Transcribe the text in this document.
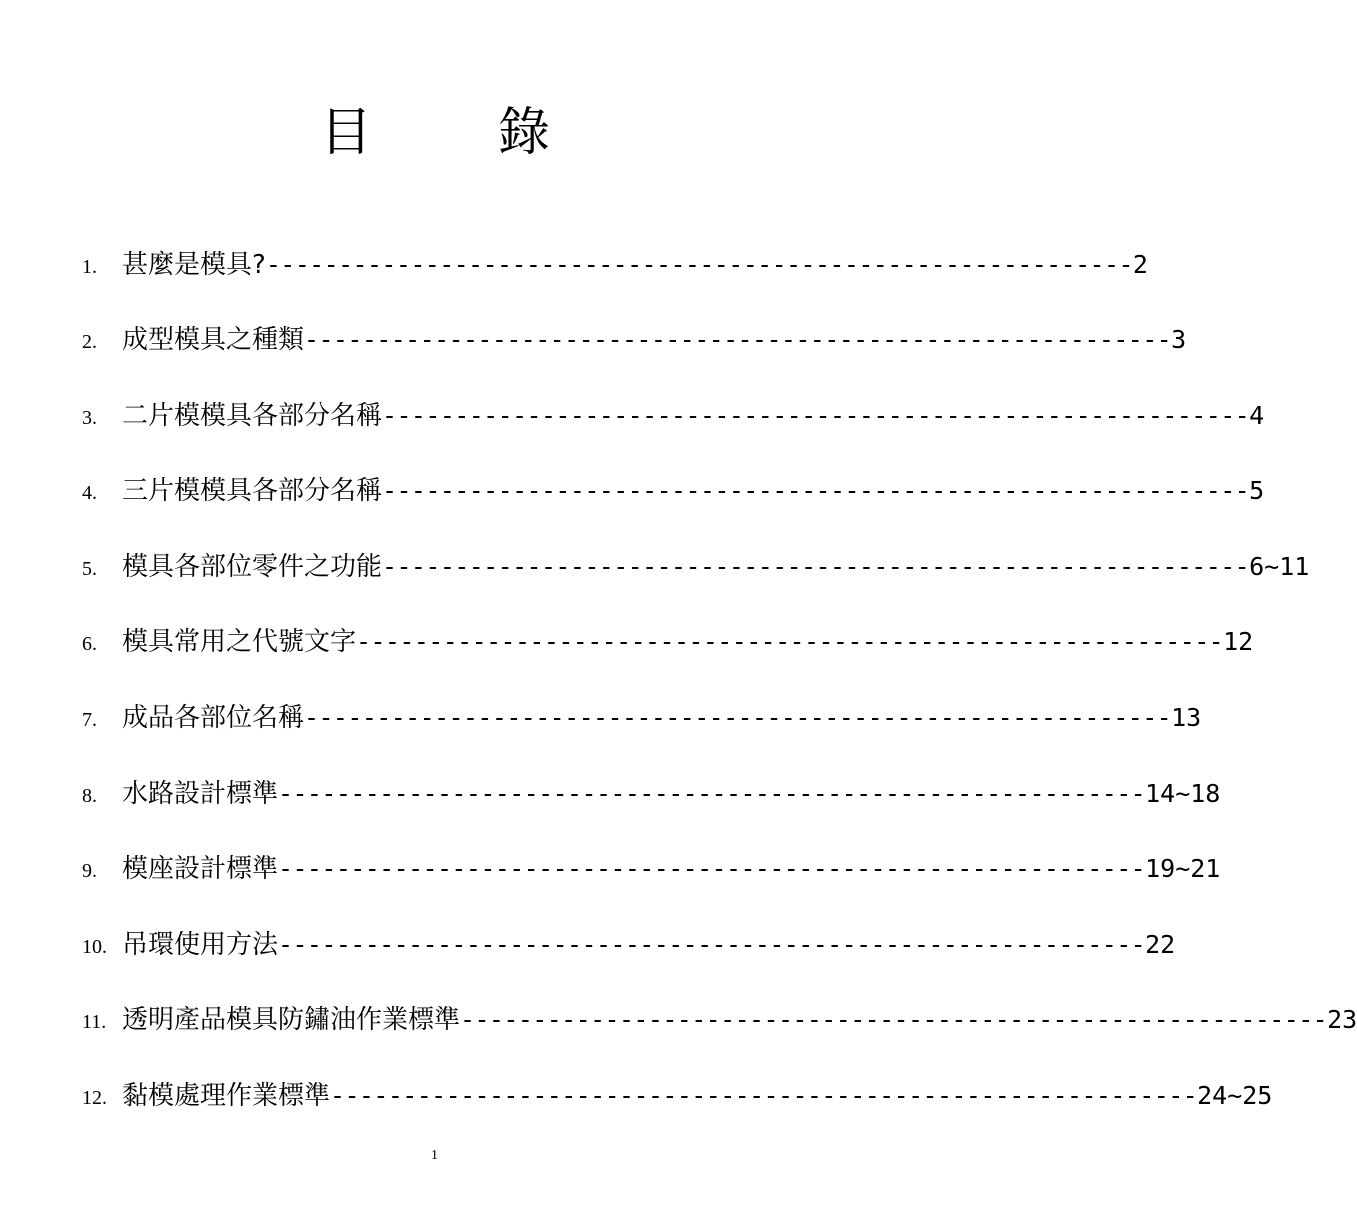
目 錄
1. 甚麼是模具? ------------------------------------------------------------ 2
2. 成型模具之種類 ------------------------------------------------------------ 3
3. 二片模模具各部分名稱 ------------------------------------------------------------ 4
4. 三片模模具各部分名稱 ------------------------------------------------------------ 5
5. 模具各部位零件之功能 ------------------------------------------------------------ 6~11
6. 模具常用之代號文字 ------------------------------------------------------------ 12
7. 成品各部位名稱 ------------------------------------------------------------ 13
8. 水路設計標準 ------------------------------------------------------------ 14~18
9. 模座設計標準 ------------------------------------------------------------ 19~21
10. 吊環使用方法 ------------------------------------------------------------ 22
11. 透明產品模具防鏽油作業標準 ------------------------------------------------------------ 23
12. 黏模處理作業標準 ------------------------------------------------------------ 24~25
1
